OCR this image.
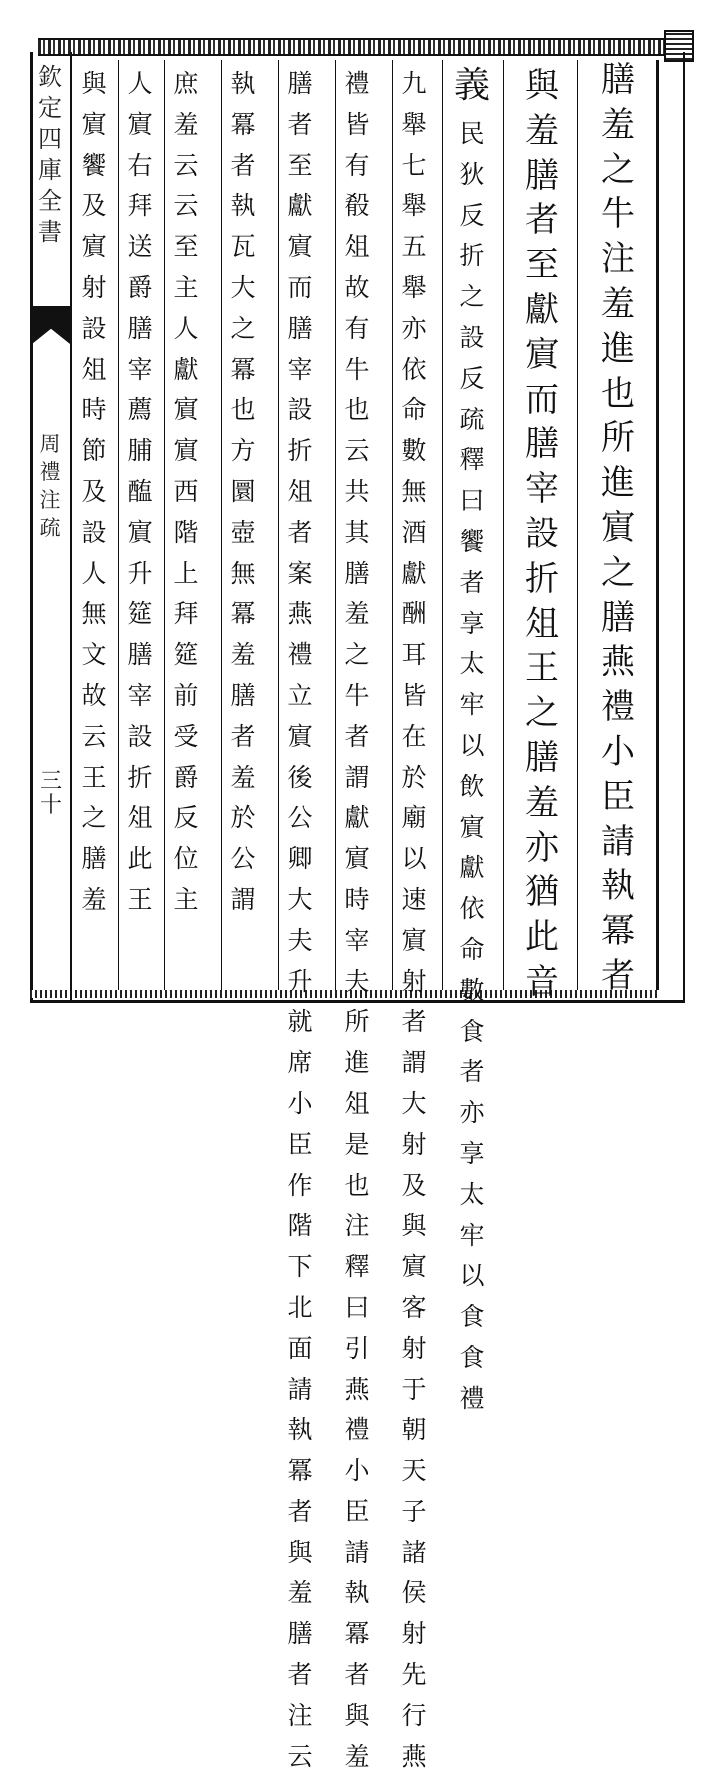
欽定四庫全書
周禮注疏
三十
膳羞之牛注羞進也所進賔之膳燕禮小臣請執冪者
與羞膳者至獻賔而膳宰設折俎王之膳羞亦猶此音
義
民狄反折之設反疏釋曰饗者享太牢以飲賔獻依命數食者亦享太牢以食食禮
九舉七舉五舉亦依命數無酒獻酬耳皆在於廟以速賔射者謂大射及與賔客射于朝天子諸侯射先行燕
禮皆有殽俎故有牛也云共其膳羞之牛者謂獻賔時宰夫所進俎是也注釋曰引燕禮小臣請執冪者與羞
膳者至獻賔而膳宰設折俎者案燕禮立賔後公卿大夫升就席小臣作階下北面請執冪者與羞膳者注云
執冪者執瓦大之冪也方圜壺無冪羞膳者羞於公謂
庶羞云云至主人獻賔賔西階上拜筵前受爵反位主
人賔右拜送爵膳宰薦脯醢賔升筵膳宰設折俎此王
與賔饗及賔射設俎時節及設人無文故云王之膳羞
